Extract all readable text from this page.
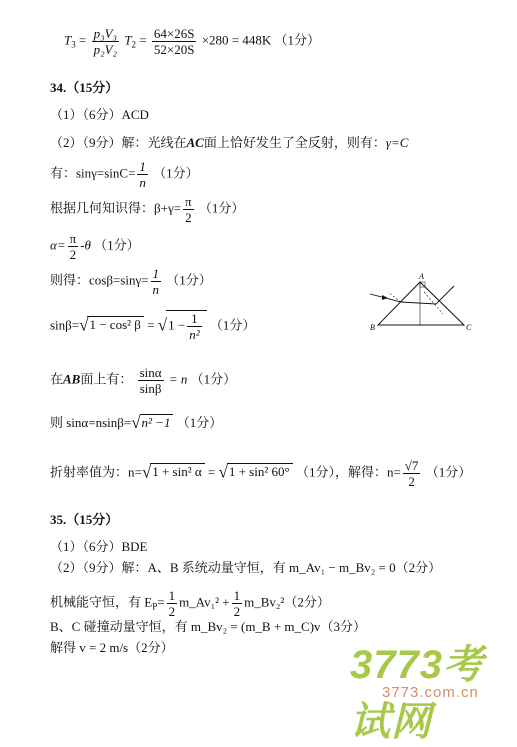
$T_3 = \frac{\text{p₃V₃}}{\text{p₂V₂}} T_2 = \frac{64\times 26S}{52\times 20S} \times 280 = 448K$ （1分）
34.（15分）
（1）（6分）ACD
（2）（9分）解：光线在AC面上恰好发生了全反射，则有：γ=C
有：$\sin\gamma=\sin C= \frac{1}{n} (1$分）
根据几何知识得：$\beta+\gamma= \frac{\pi}{2} (1$分）
$\alpha= \frac{\pi}{2} -\theta$ （1分）
则得：$\cos\beta=\sin\gamma= \frac{1}{n} (1$分）
sinβ=√1 − cos² $\beta = √1 - \frac{1}{\text{n²}} (1$分）
A
B	C
在AB面上有： $\frac{\sin\alpha}{\sin\beta} = n$ （1分）
则 sinα=nsinβ=√n² −1 （1分）
折射率值为：n=√1 + sin² α = √1 + sin² 60° （1分），解得：$n= \frac{√7}{2} (1$分）
35.（15分）
（1）（6分）BDE
（2）（9分）解：A、B 系统动量守恒，有 m_Av₁ − m_Bv₂ = 0（2分）
机械能守恒，有 $E_P= \frac{1}{2}$ m_Av₁² + $\frac{1}{2}$ m_Bv₂²（2分）
B、C 碰撞动量守恒，有 m_Bv₂ = (m_B + m_C)v（3分）
解得 v = 2 m/s（2分）	3773考试网
3773.com.cn
